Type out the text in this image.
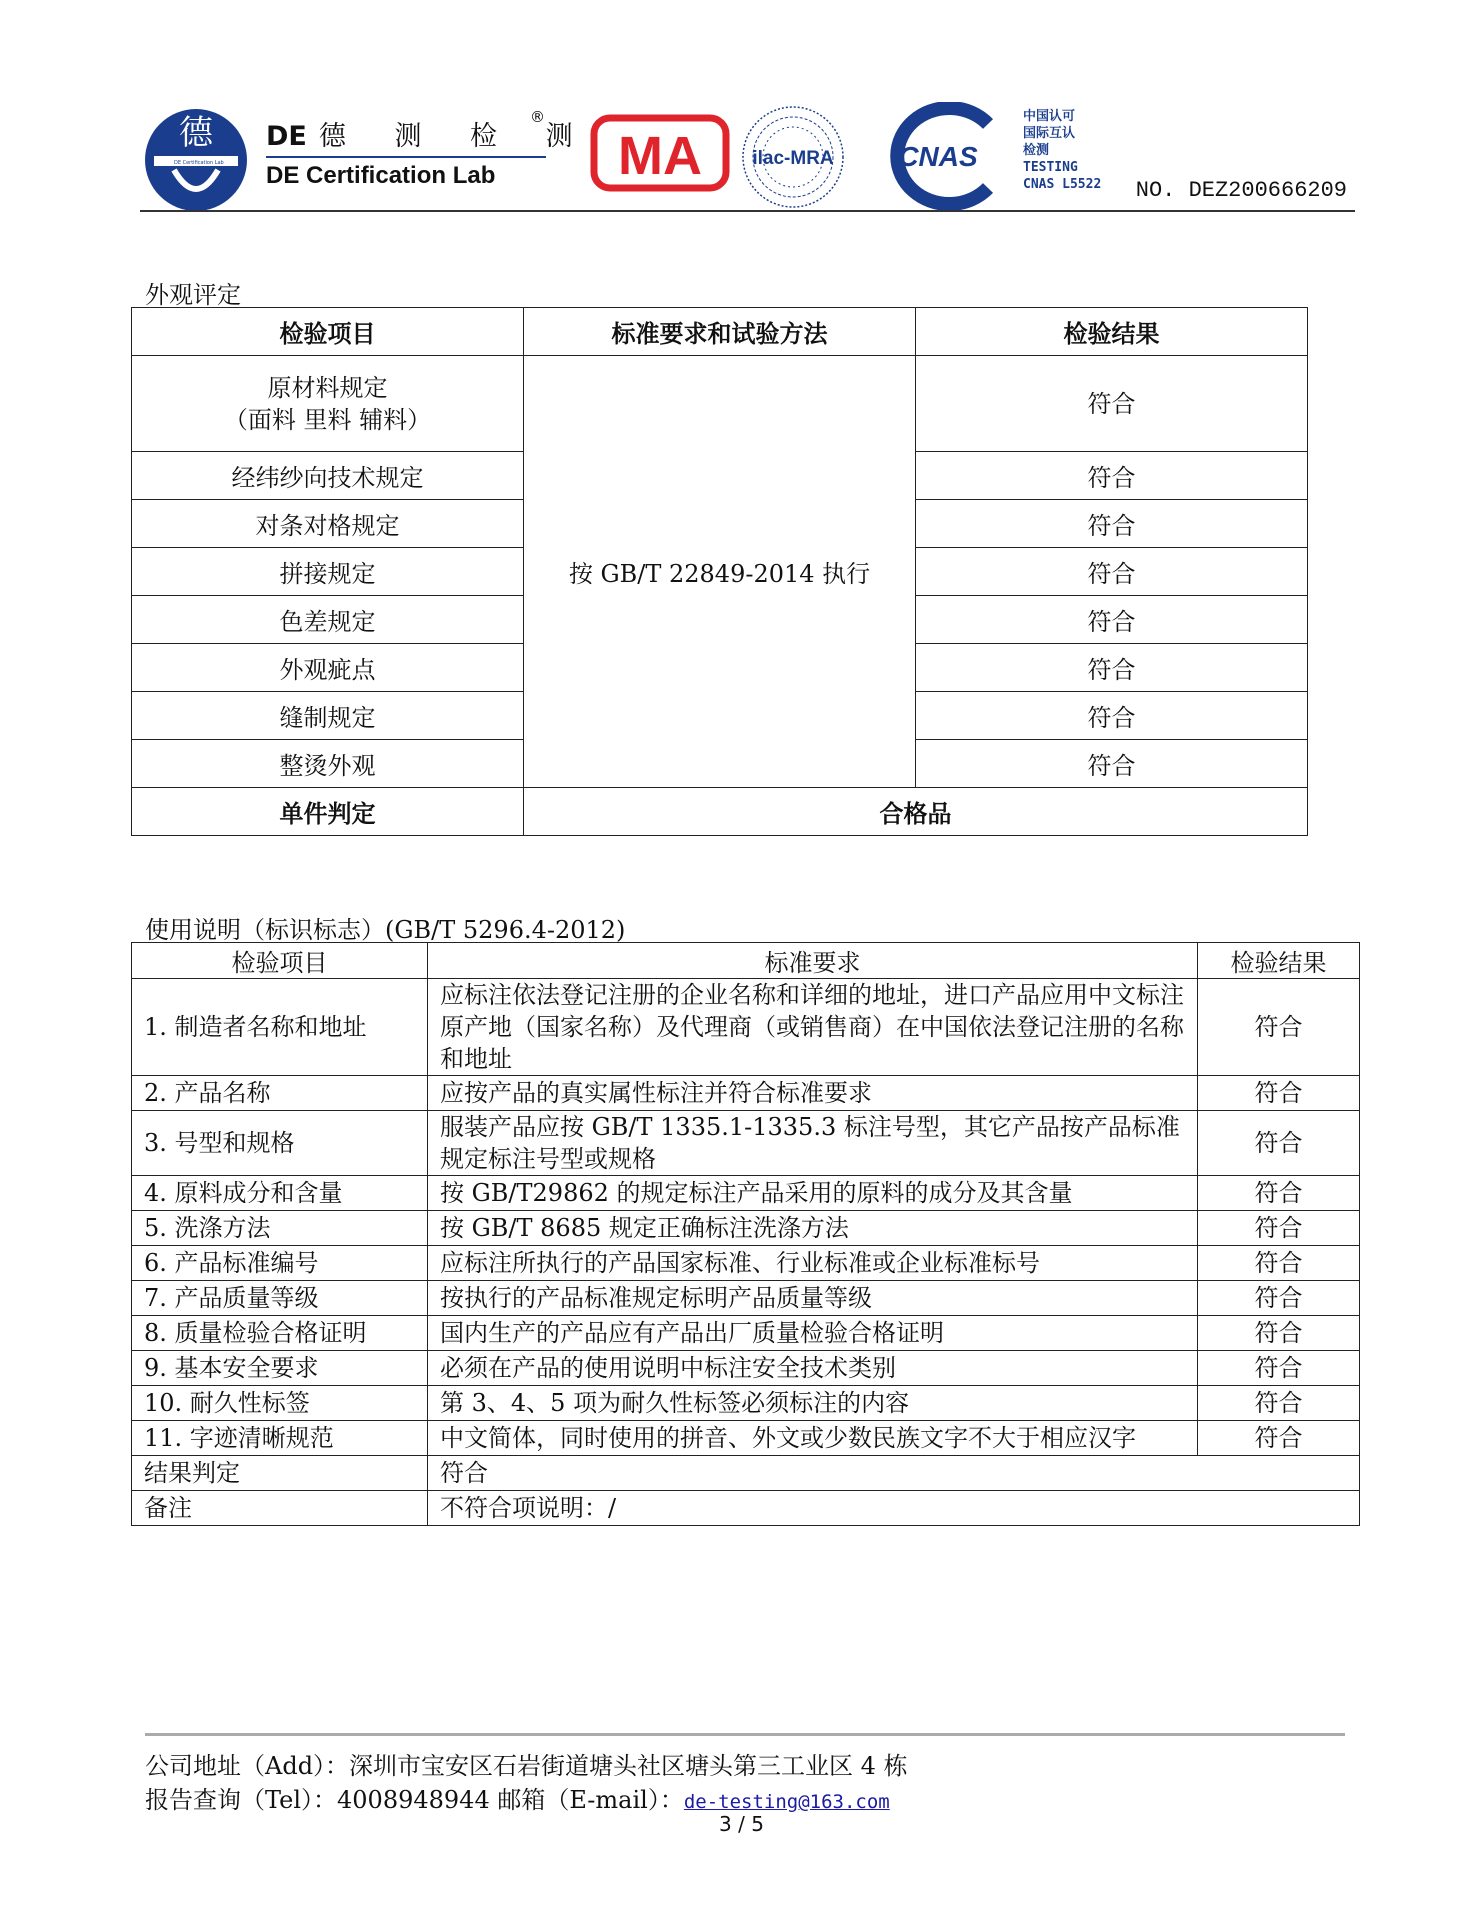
德
DE Certification Lab
DE 德 测 检 测
®
DE Certification Lab MA	ilac-MRA CNAS
中国认可
国际互认
检测
TESTING
CNAS L5522 NO. DEZ200666209
外观评定
检验项目	标准要求和试验方法	检验结果

原材料规定
（面料 里料 辅料）	按 GB/T 22849-2014 执行	符合
经纬纱向技术规定		符合
对条对格规定		符合
拼接规定		符合
色差规定		符合
外观疵点		符合
缝制规定		符合
整烫外观		符合
单件判定	合格品	
使用说明（标识标志）(GB/T 5296.4-2012)
检验项目	标准要求	检验结果
1. 制造者名称和地址	应标注依法登记注册的企业名称和详细的地址，进口产品应用中文标注原产地（国家名称）及代理商（或销售商）在中国依法登记注册的名称和地址	符合
2. 产品名称	应按产品的真实属性标注并符合标准要求	符合
3. 号型和规格	服装产品应按 GB/T 1335.1-1335.3 标注号型，其它产品按产品标准规定标注号型或规格	符合
4. 原料成分和含量	按 GB/T29862 的规定标注产品采用的原料的成分及其含量	符合
5. 洗涤方法	按 GB/T 8685 规定正确标注洗涤方法	符合
6. 产品标准编号	应标注所执行的产品国家标准、行业标准或企业标准标号	符合
7. 产品质量等级	按执行的产品标准规定标明产品质量等级	符合
8. 质量检验合格证明	国内生产的产品应有产品出厂质量检验合格证明	符合
9. 基本安全要求	必须在产品的使用说明中标注安全技术类别	符合
10. 耐久性标签	第 3、4、5 项为耐久性标签必须标注的内容	符合
11. 字迹清晰规范	中文简体，同时使用的拼音、外文或少数民族文字不大于相应汉字	符合
结果判定	符合	
备注	不符合项说明：/	
公司地址（Add）：深圳市宝安区石岩街道塘头社区塘头第三工业区 4 栋
报告查询（Tel）：4008948944 邮箱（E-mail）：de-testing@163.com
3 / 5
